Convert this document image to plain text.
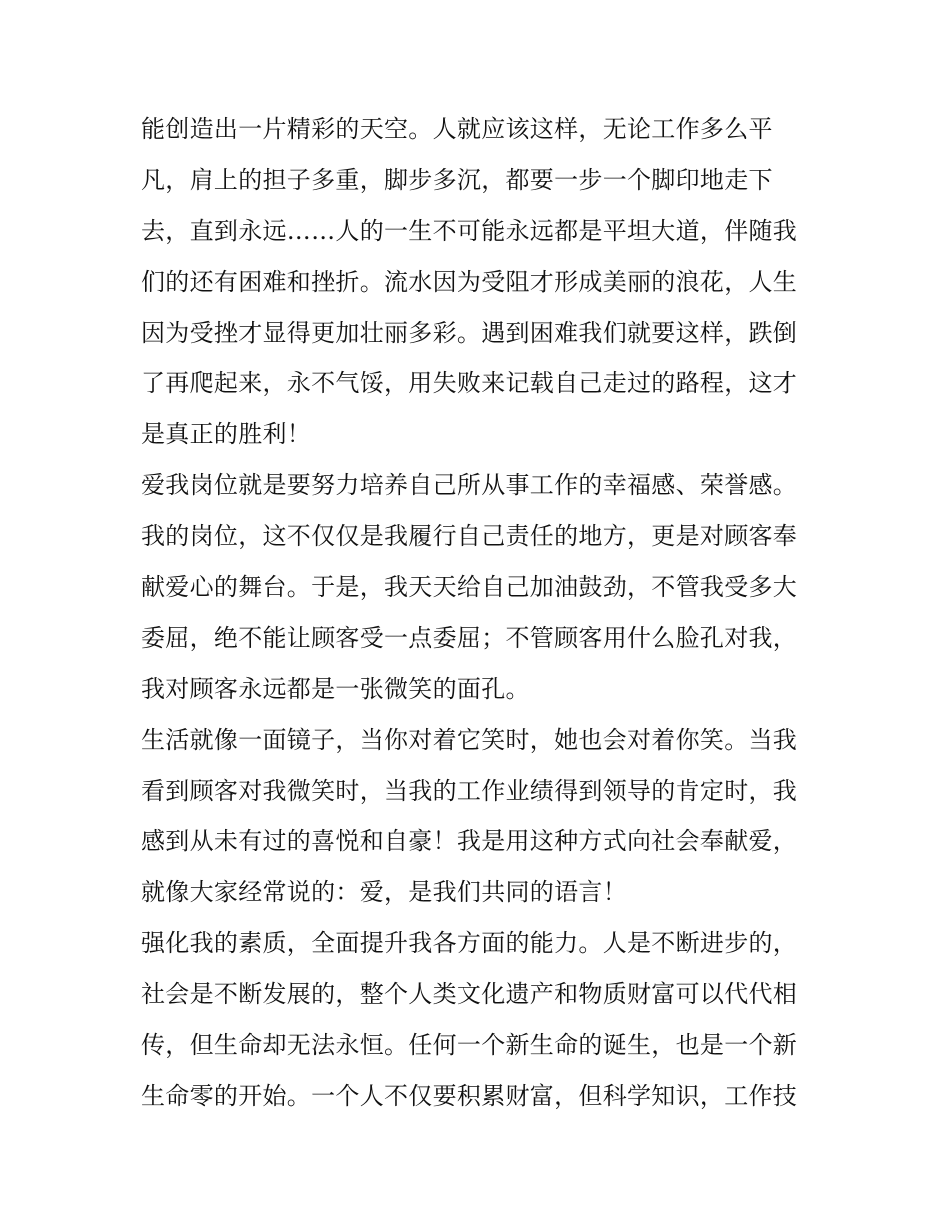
能创造出一片精彩的天空。人就应该这样，无论工作多么平
凡，肩上的担子多重，脚步多沉，都要一步一个脚印地走下
去，直到永远……人的一生不可能永远都是平坦大道，伴随我
们的还有困难和挫折。流水因为受阻才形成美丽的浪花，人生
因为受挫才显得更加壮丽多彩。遇到困难我们就要这样，跌倒
了再爬起来，永不气馁，用失败来记载自己走过的路程，这才
是真正的胜利！
爱我岗位就是要努力培养自己所从事工作的幸福感、荣誉感。
我的岗位，这不仅仅是我履行自己责任的地方，更是对顾客奉
献爱心的舞台。于是，我天天给自己加油鼓劲，不管我受多大
委屈，绝不能让顾客受一点委屈；不管顾客用什么脸孔对我，
我对顾客永远都是一张微笑的面孔。
生活就像一面镜子，当你对着它笑时，她也会对着你笑。当我
看到顾客对我微笑时，当我的工作业绩得到领导的肯定时，我
感到从未有过的喜悦和自豪！我是用这种方式向社会奉献爱，
就像大家经常说的：爱，是我们共同的语言！
强化我的素质，全面提升我各方面的能力。人是不断进步的，
社会是不断发展的，整个人类文化遗产和物质财富可以代代相
传，但生命却无法永恒。任何一个新生命的诞生，也是一个新
生命零的开始。一个人不仅要积累财富，但科学知识，工作技
